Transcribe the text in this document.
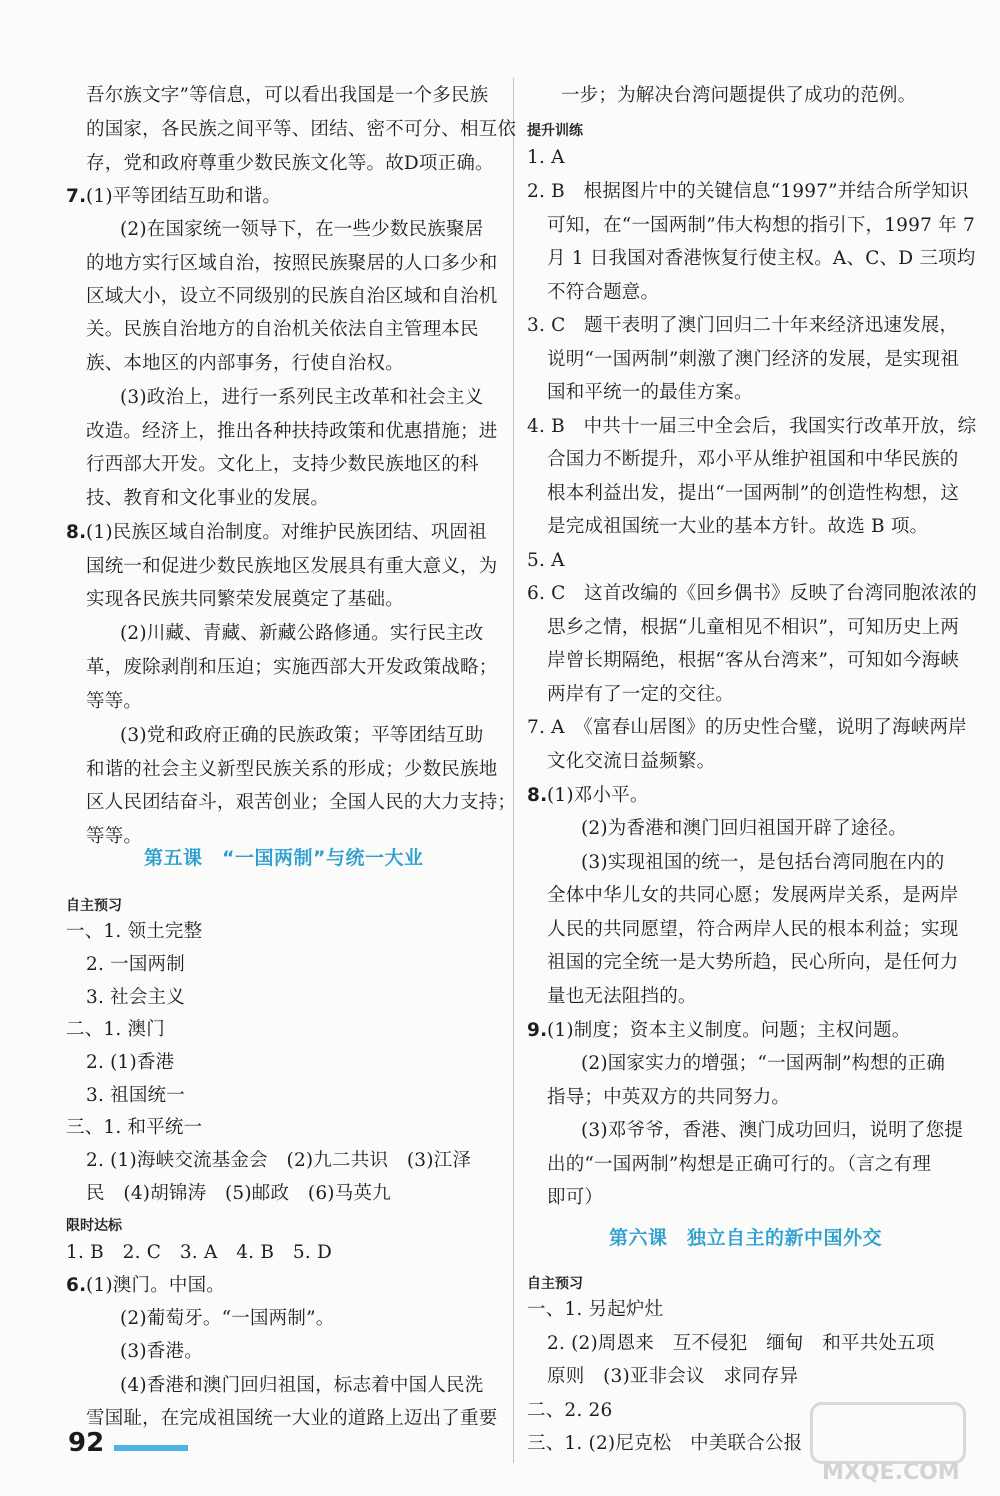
吾尔族文字”等信息，可以看出我国是一个多民族
的国家，各民族之间平等、团结、密不可分、相互依
存，党和政府尊重少数民族文化等。故D项正确。
7. (1)平等团结互助和谐。
(2)在国家统一领导下，在一些少数民族聚居
的地方实行区域自治，按照民族聚居的人口多少和
区域大小，设立不同级别的民族自治区域和自治机
关。民族自治地方的自治机关依法自主管理本民
族、本地区的内部事务，行使自治权。
(3)政治上，进行一系列民主改革和社会主义
改造。经济上，推出各种扶持政策和优惠措施；进
行西部大开发。文化上，支持少数民族地区的科
技、教育和文化事业的发展。
8. (1)民族区域自治制度。对维护民族团结、巩固祖
国统一和促进少数民族地区发展具有重大意义，为
实现各民族共同繁荣发展奠定了基础。
(2)川藏、青藏、新藏公路修通。实行民主改
革，废除剥削和压迫；实施西部大开发政策战略；
等等。
(3)党和政府正确的民族政策；平等团结互助
和谐的社会主义新型民族关系的形成；少数民族地
区人民团结奋斗，艰苦创业；全国人民的大力支持；
等等。
第五课　“一国两制”与统一大业
自主预习
一、1. 领土完整
2. 一国两制
3. 社会主义
二、1. 澳门
2. (1)香港
3. 祖国统一
三、1. 和平统一
2. (1)海峡交流基金会　(2)九二共识　(3)江泽
民　(4)胡锦涛　(5)邮政　(6)马英九
限时达标
1. B　2. C　3. A　4. B　5. D
6. (1)澳门。中国。
(2)葡萄牙。“一国两制”。
(3)香港。
(4)香港和澳门回归祖国，标志着中国人民洗
雪国耻，在完成祖国统一大业的道路上迈出了重要
一步；为解决台湾问题提供了成功的范例。
提升训练
1. A
2. B　根据图片中的关键信息“1997”并结合所学知识
可知，在“一国两制”伟大构想的指引下，1997 年 7
月 1 日我国对香港恢复行使主权。A、C、D 三项均
不符合题意。
3. C　题干表明了澳门回归二十年来经济迅速发展，
说明“一国两制”刺激了澳门经济的发展，是实现祖
国和平统一的最佳方案。
4. B　中共十一届三中全会后，我国实行改革开放，综
合国力不断提升，邓小平从维护祖国和中华民族的
根本利益出发，提出“一国两制”的创造性构想，这
是完成祖国统一大业的基本方针。故选 B 项。
5. A
6. C　这首改编的《回乡偶书》反映了台湾同胞浓浓的
思乡之情，根据“儿童相见不相识”，可知历史上两
岸曾长期隔绝，根据“客从台湾来”，可知如今海峡
两岸有了一定的交往。
7. A　《富春山居图》的历史性合璧，说明了海峡两岸
文化交流日益频繁。
8. (1)邓小平。
(2)为香港和澳门回归祖国开辟了途径。
(3)实现祖国的统一，是包括台湾同胞在内的
全体中华儿女的共同心愿；发展两岸关系，是两岸
人民的共同愿望，符合两岸人民的根本利益；实现
祖国的完全统一是大势所趋，民心所向，是任何力
量也无法阻挡的。
9. (1)制度；资本主义制度。问题；主权问题。
(2)国家实力的增强；“一国两制”构想的正确
指导；中英双方的共同努力。
(3)邓爷爷，香港、澳门成功回归，说明了您提
出的“一国两制”构想是正确可行的。（言之有理
即可）
第六课　独立自主的新中国外交
自主预习
一、1. 另起炉灶
2. (2)周恩来　互不侵犯　缅甸　和平共处五项
原则　(3)亚非会议　求同存异
二、2. 26
三、1. (2)尼克松　中美联合公报
92
MXQE.COM
